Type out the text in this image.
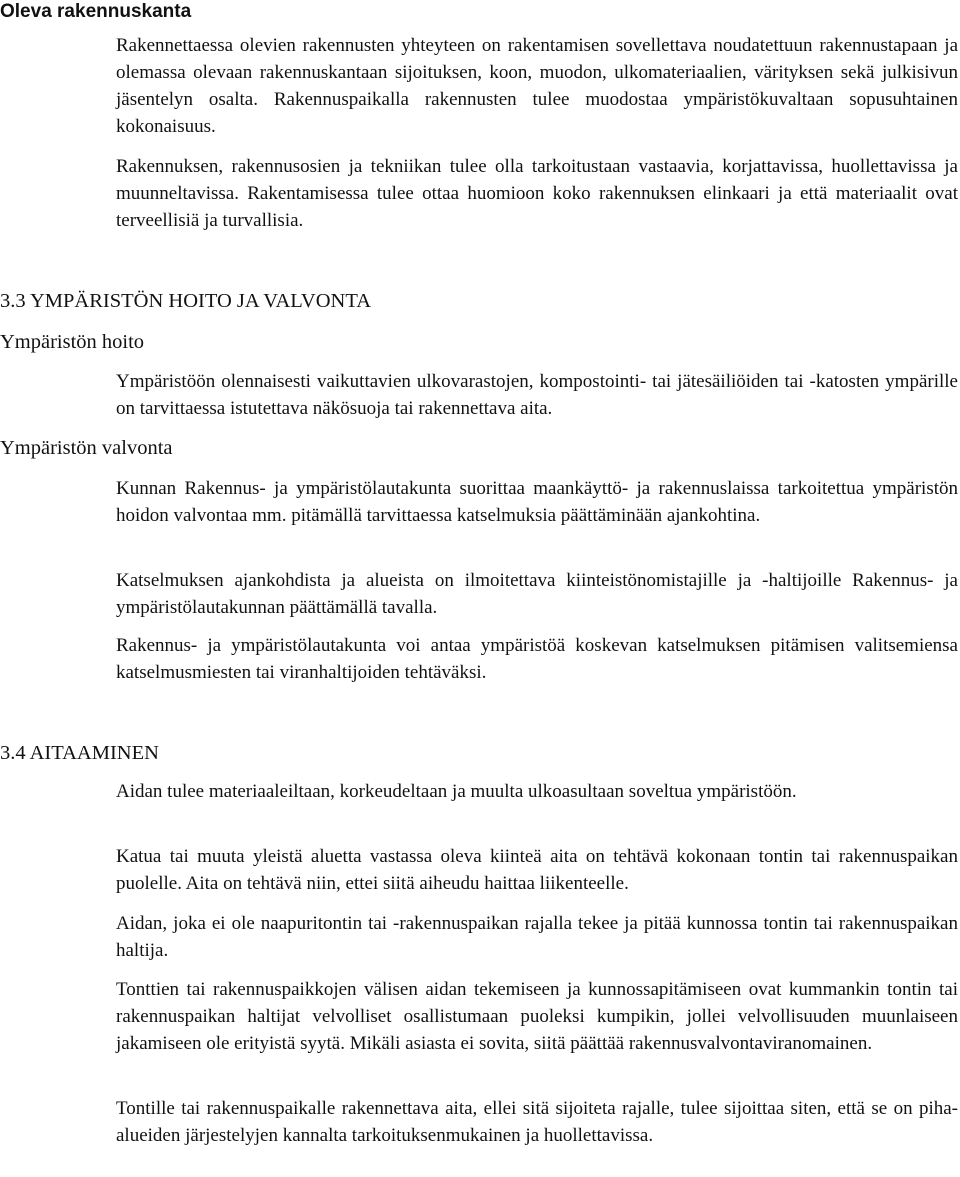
Oleva rakennuskanta

Rakennettaessa olevien rakennusten yhteyteen on rakentamisen sovellettava noudatettuun rakennustapaan ja olemassa olevaan rakennuskantaan sijoituksen, koon, muodon, ulkomateriaalien, värityksen sekä julkisivun jäsentelyn osalta. Rakennuspaikalla rakennusten tulee muodostaa ympäristökuvaltaan sopusuhtainen kokonaisuus.

Rakennuksen, rakennusosien ja tekniikan tulee olla tarkoitustaan vastaavia, korjattavissa, huollettavissa ja muunneltavissa. Rakentamisessa tulee ottaa huomioon koko rakennuksen elinkaari ja että materiaalit ovat terveellisiä ja turvallisia.

3.3 YMPÄRISTÖN HOITO JA VALVONTA
Ympäristön hoito

Ympäristöön olennaisesti vaikuttavien ulkovarastojen, kompostointi- tai jätesäiliöiden tai -katosten ympärille on tarvittaessa istutettava näkösuoja tai rakennettava aita.

Ympäristön valvonta

Kunnan Rakennus- ja ympäristölautakunta suorittaa maankäyttö- ja rakennuslaissa tarkoitettua ympäristön hoidon valvontaa mm. pitämällä tarvittaessa katselmuksia päättäminään ajankohtina.

Katselmuksen ajankohdista ja alueista on ilmoitettava kiinteistönomistajille ja -haltijoille Rakennus- ja ympäristölautakunnan päättämällä tavalla.

Rakennus- ja ympäristölautakunta voi antaa ympäristöä koskevan katselmuksen pitämisen valitsemiensa katselmusmiesten tai viranhaltijoiden tehtäväksi.

3.4 AITAAMINEN

Aidan tulee materiaaleiltaan, korkeudeltaan ja muulta ulkoasultaan soveltua ympäristöön.

Katua tai muuta yleistä aluetta vastassa oleva kiinteä aita on tehtävä kokonaan tontin tai rakennuspaikan puolelle. Aita on tehtävä niin, ettei siitä aiheudu haittaa liikenteelle.

Aidan, joka ei ole naapuritontin tai -rakennuspaikan rajalla tekee ja pitää kunnossa tontin tai rakennuspaikan haltija.

Tonttien tai rakennuspaikkojen välisen aidan tekemiseen ja kunnossapitämiseen ovat kummankin tontin tai rakennuspaikan haltijat velvolliset osallistumaan puoleksi kumpikin, jollei velvollisuuden muunlaiseen jakamiseen ole erityistä syytä. Mikäli asiasta ei sovita, siitä päättää rakennusvalvontaviranomainen.

Tontille tai rakennuspaikalle rakennettava aita, ellei sitä sijoiteta rajalle, tulee sijoittaa siten, että se on piha-alueiden järjestelyjen kannalta tarkoituksenmukainen ja huollettavissa.
